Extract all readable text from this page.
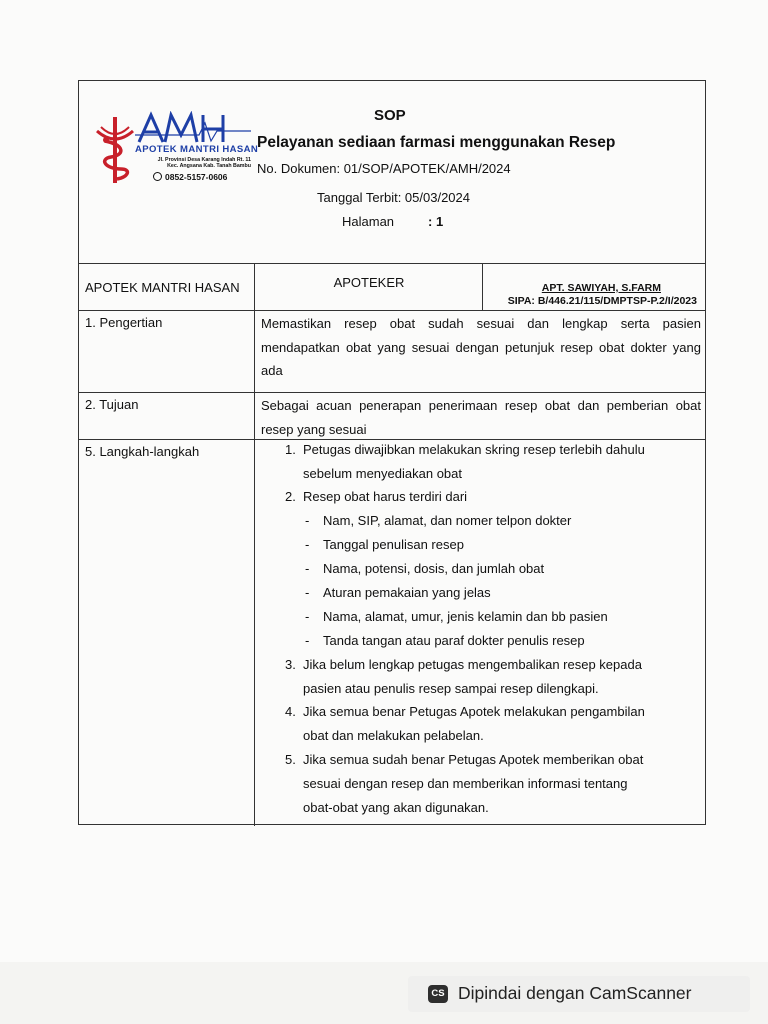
APOTEK MANTRI HASAN
Jl. Provinsi Desa Karang Indah Rt. 11
Kec. Angsana Kab. Tanah Bambu
0852-5157-0606
SOP
Pelayanan sediaan farmasi menggunakan Resep
No. Dokumen: 01/SOP/APOTEK/AMH/2024
Tanggal Terbit: 05/03/2024
Halaman	: 1
APOTEK MANTRI HASAN	APOTEKER	APT. SAWIYAH, S.FARM
SIPA: B/446.21/115/DMPTSP-P.2/I/2023
1. Pengertian	Memastikan resep obat sudah sesuai dan lengkap serta pasien
mendapatkan obat yang sesuai dengan petunjuk resep obat dokter yang
ada
2. Tujuan	Sebagai acuan penerapan penerimaan resep obat dan pemberian obat
resep yang sesuai
5. Langkah-langkah	1. Petugas diwajibkan melakukan skring resep terlebih dahulu
sebelum menyediakan obat
2. Resep obat harus terdiri dari
- Nam, SIP, alamat, dan nomer telpon dokter
- Tanggal penulisan resep
- Nama, potensi, dosis, dan jumlah obat
- Aturan pemakaian yang jelas
- Nama, alamat, umur, jenis kelamin dan bb pasien
- Tanda tangan atau paraf dokter penulis resep
3. Jika belum lengkap petugas mengembalikan resep kepada
pasien atau penulis resep sampai resep dilengkapi.
4. Jika semua benar Petugas Apotek melakukan pengambilan
obat dan melakukan pelabelan.
5. Jika semua sudah benar Petugas Apotek memberikan obat
sesuai dengan resep dan memberikan informasi tentang
obat-obat yang akan digunakan.
CS Dipindai dengan CamScanner
